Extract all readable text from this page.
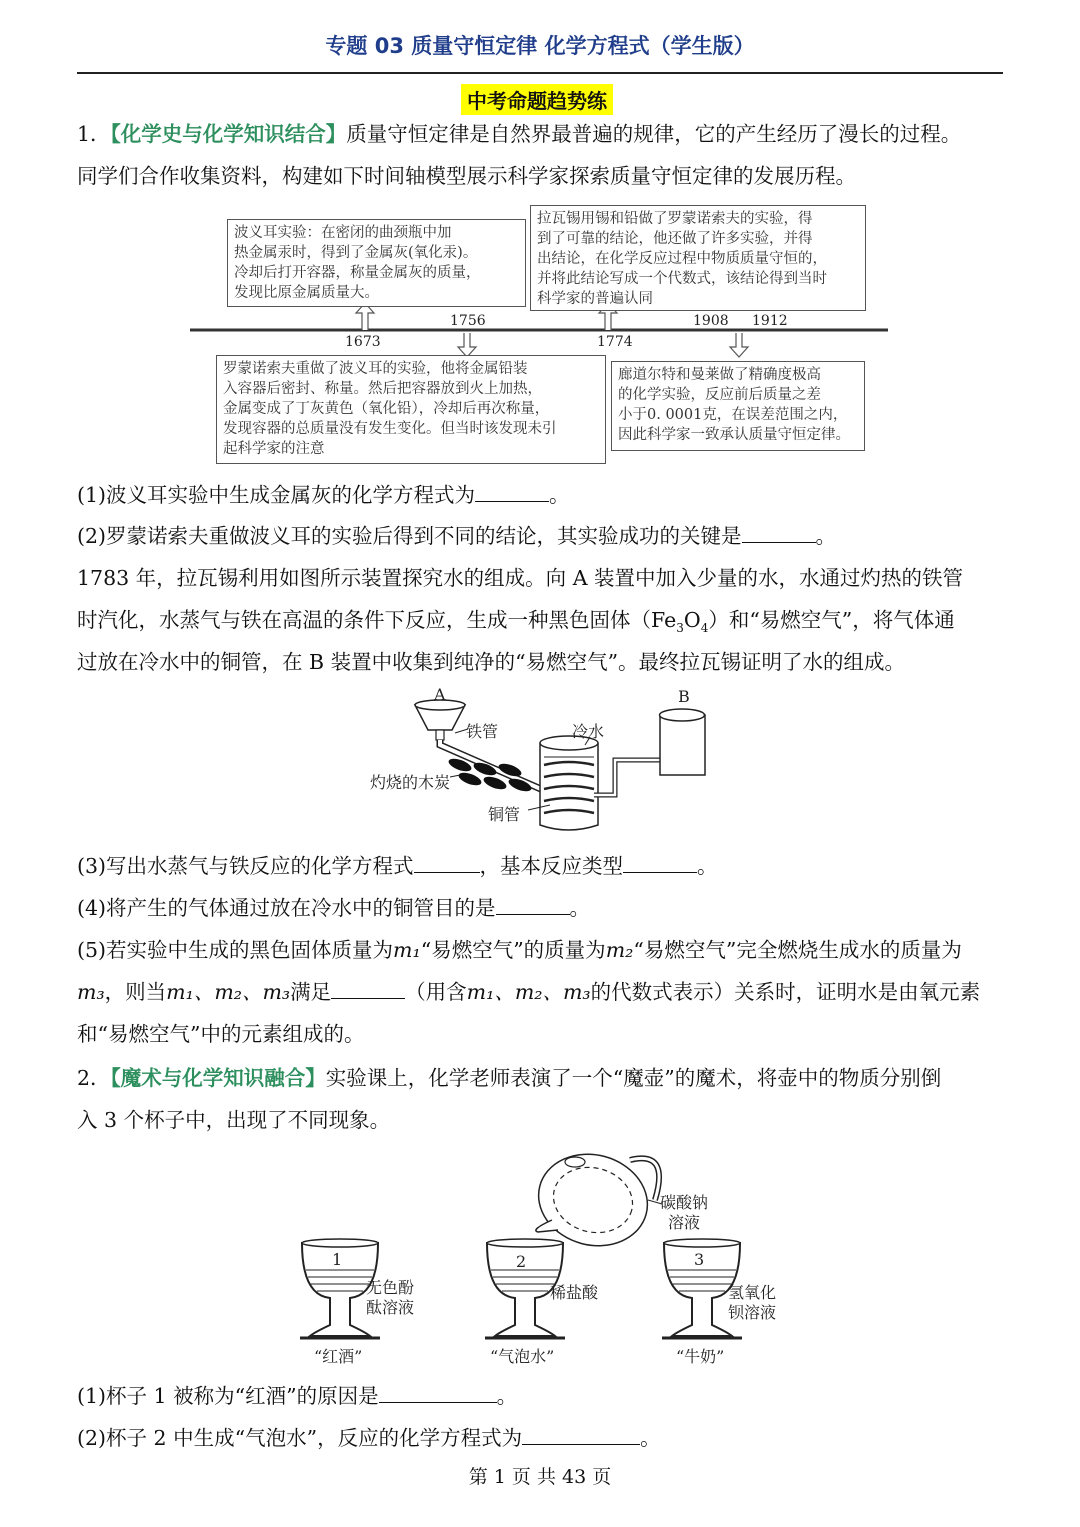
专题 03 质量守恒定律 化学方程式（学生版）
中考命题趋势练
1．【化学史与化学知识结合】质量守恒定律是自然界最普遍的规律，它的产生经历了漫长的过程。
同学们合作收集资料，构建如下时间轴模型展示科学家探索质量守恒定律的发展历程。
波义耳实验：在密闭的曲颈瓶中加
热金属汞时，得到了金属灰(氧化汞)。
冷却后打开容器，称量金属灰的质量，
发现比原金属质量大。
拉瓦锡用锡和铅做了罗蒙诺索夫的实验，得
到了可靠的结论，他还做了许多实验，并得
出结论，在化学反应过程中物质质量守恒的，
并将此结论写成一个代数式，该结论得到当时
科学家的普遍认同
罗蒙诺索夫重做了波义耳的实验，他将金属铅装
入容器后密封、称量。然后把容器放到火上加热，
金属变成了丁灰黄色（氧化铅），冷却后再次称量，
发现容器的总质量没有发生变化。但当时该发现未引
起科学家的注意
廊道尔特和曼莱做了精确度极高
的化学实验，反应前后质量之差
小于0. 0001克，在误差范围之内，
因此科学家一致承认质量守恒定律。
1673
1756
1774
1908 1912
(1)波义耳实验中生成金属灰的化学方程式为	。
(2)罗蒙诺索夫重做波义耳的实验后得到不同的结论，其实验成功的关键是	。
1783 年，拉瓦锡利用如图所示装置探究水的组成。向 A 装置中加入少量的水，水通过灼热的铁管
时汽化，水蒸气与铁在高温的条件下反应，生成一种黑色固体$(Fe_3O_4)$和“易燃空气”，将气体通
过放在冷水中的铜管，在 B 装置中收集到纯净的“易燃空气”。最终拉瓦锡证明了水的组成。
A	B
铁管	冷水
灼烧的木炭
铜管
(3)写出水蒸气与铁反应的化学方程式	，基本反应类型	。
(4)将产生的气体通过放在冷水中的铜管目的是	。
(5)若实验中生成的黑色固体质量为m₁“易燃空气”的质量为m₂“易燃空气”完全燃烧生成水的质量为
m₃，则当m₁、m₂、m₃满足	（用含m₁、m₂、m₃的代数式表示）关系时，证明水是由氧元素
和“易燃空气”中的元素组成的。
2．【魔术与化学知识融合】实验课上，化学老师表演了一个“魔壶”的魔术，将壶中的物质分别倒
入 3 个杯子中，出现了不同现象。
碳酸钠
溶液
1
无色酚
酞溶液
“红酒”
2
稀盐酸
“气泡水”
3
氢氧化
钡溶液
“牛奶”
(1)杯子 1 被称为“红酒”的原因是	。
(2)杯子 2 中生成“气泡水”，反应的化学方程式为	。
第 1 页 共 43 页
